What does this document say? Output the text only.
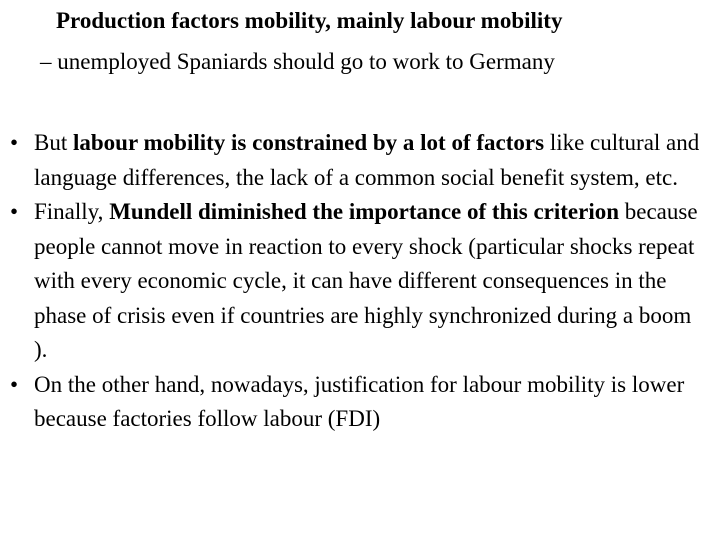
Production factors mobility, mainly labour mobility
– unemployed Spaniards should go to work to Germany
• But labour mobility is constrained by a lot of factors like cultural and language differences, the lack of a common social benefit system, etc.
• Finally, Mundell diminished the importance of this criterion because people cannot move in reaction to every shock (particular shocks repeat with every economic cycle, it can have different consequences in the phase of crisis even if countries are highly synchronized during a boom ).
• On the other hand, nowadays, justification for labour mobility is lower because factories follow labour (FDI)
